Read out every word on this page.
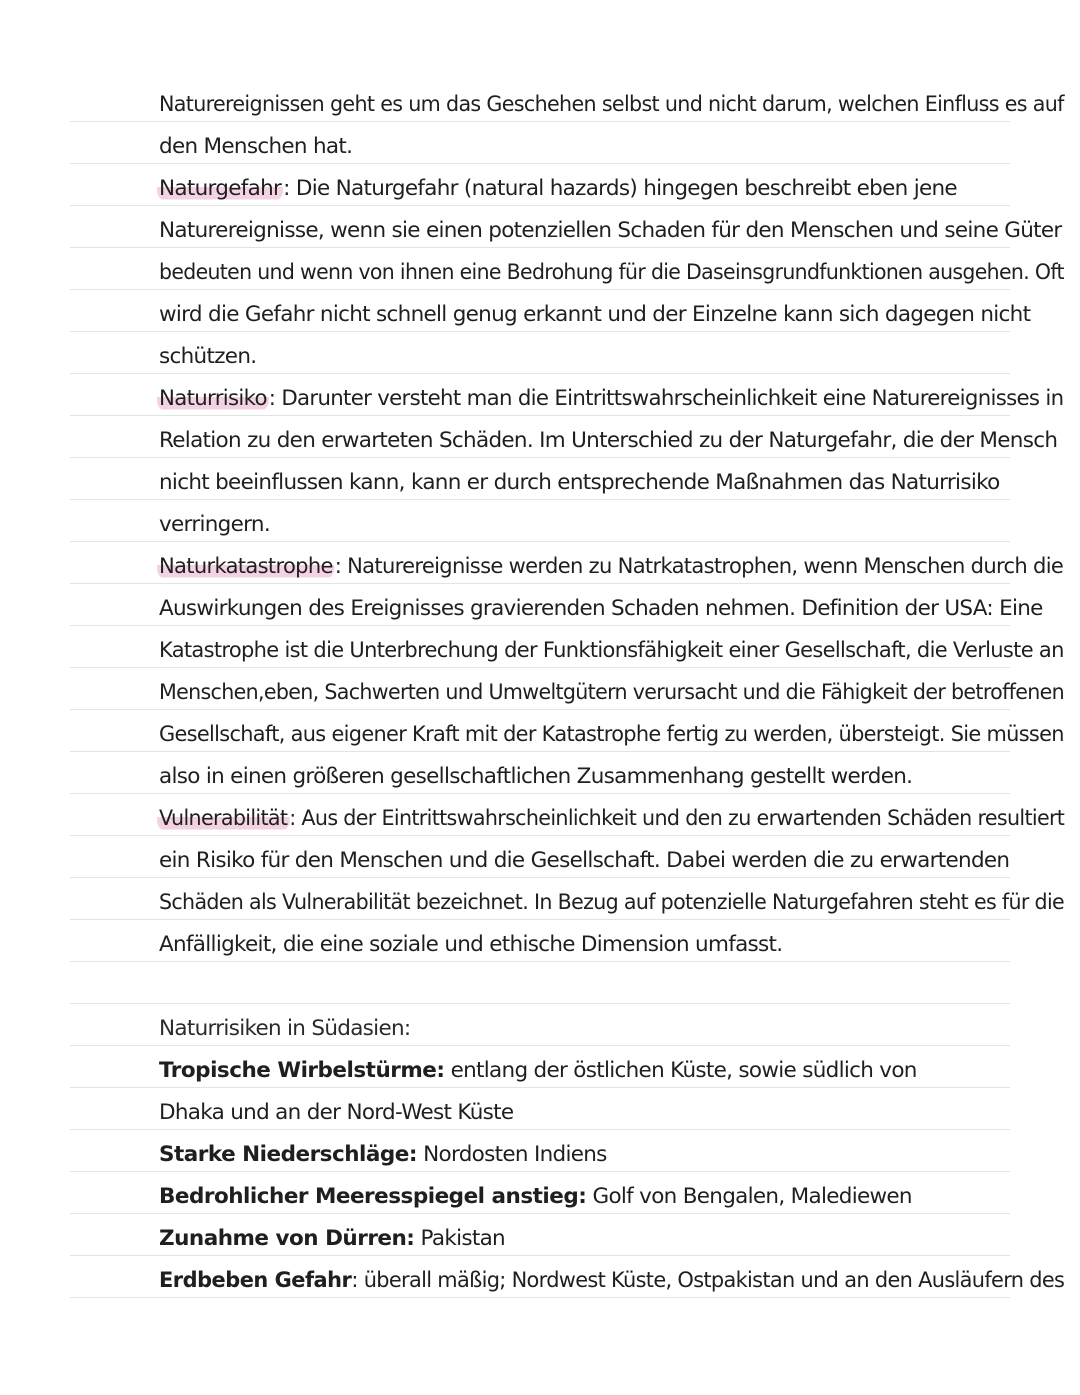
Naturereignissen geht es um das Geschehen selbst und nicht darum, welchen Einfluss es auf
den Menschen hat.
Naturgefahr: Die Naturgefahr (natural hazards) hingegen beschreibt eben jene
Naturereignisse, wenn sie einen potenziellen Schaden für den Menschen und seine Güter
bedeuten und wenn von ihnen eine Bedrohung für die Daseinsgrundfunktionen ausgehen. Oft
wird die Gefahr nicht schnell genug erkannt und der Einzelne kann sich dagegen nicht
schützen.
Naturrisiko: Darunter versteht man die Eintrittswahrscheinlichkeit eine Naturereignisses in
Relation zu den erwarteten Schäden. Im Unterschied zu der Naturgefahr, die der Mensch
nicht beeinflussen kann, kann er durch entsprechende Maßnahmen das Naturrisiko
verringern.
Naturkatastrophe: Naturereignisse werden zu Natrkatastrophen, wenn Menschen durch die
Auswirkungen des Ereignisses gravierenden Schaden nehmen. Definition der USA: Eine
Katastrophe ist die Unterbrechung der Funktionsfähigkeit einer Gesellschaft, die Verluste an
Menschen,eben, Sachwerten und Umweltgütern verursacht und die Fähigkeit der betroffenen
Gesellschaft, aus eigener Kraft mit der Katastrophe fertig zu werden, übersteigt. Sie müssen
also in einen größeren gesellschaftlichen Zusammenhang gestellt werden.
Vulnerabilität: Aus der Eintrittswahrscheinlichkeit und den zu erwartenden Schäden resultiert
ein Risiko für den Menschen und die Gesellschaft. Dabei werden die zu erwartenden
Schäden als Vulnerabilität bezeichnet. In Bezug auf potenzielle Naturgefahren steht es für die
Anfälligkeit, die eine soziale und ethische Dimension umfasst.
Naturrisiken in Südasien:
Tropische Wirbelstürme: entlang der östlichen Küste, sowie südlich von
Dhaka und an der Nord-West Küste
Starke Niederschläge: Nordosten Indiens
Bedrohlicher Meeresspiegel anstieg: Golf von Bengalen, Malediewen
Zunahme von Dürren: Pakistan
Erdbeben Gefahr: überall mäßig; Nordwest Küste, Ostpakistan und an den Ausläufern des
